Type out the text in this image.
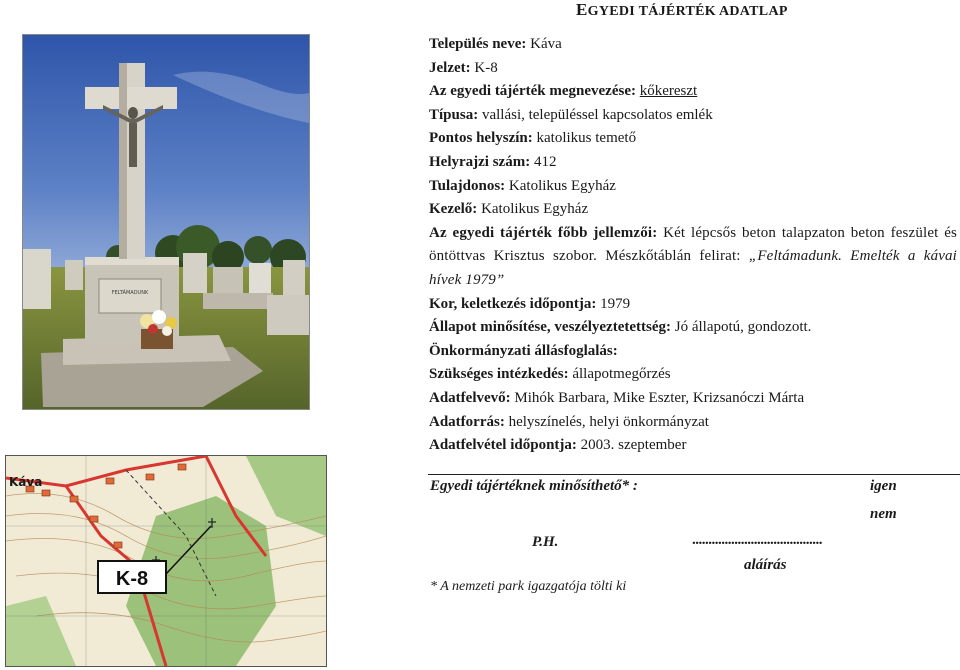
EGYEDI TÁJÉRTÉK ADATLAP
FELTÁMADUNK
Káva
K-8
Település neve: Káva
Jelzet: K-8
Az egyedi tájérték megnevezése: kőkereszt
Típusa: vallási, településsel kapcsolatos emlék
Pontos helyszín: katolikus temető
Helyrajzi szám: 412
Tulajdonos: Katolikus Egyház
Kezelő: Katolikus Egyház
Az egyedi tájérték főbb jellemzői: Két lépcsős beton talapzaton beton feszület és öntöttvas Krisztus szobor. Mészkőtáblán felirat: „Feltámadunk. Emelték a kávai hívek 1979”
Kor, keletkezés időpontja: 1979
Állapot minősítése, veszélyeztetettség: Jó állapotú, gondozott.
Önkormányzati állásfoglalás:
Szükséges intézkedés: állapotmegőrzés
Adatfelvevő: Mihók Barbara, Mike Eszter, Krizsanóczi Márta
Adatforrás: helyszínelés, helyi önkormányzat
Adatfelvétel időpontja: 2003. szeptember
Egyedi tájértéknek minősíthető* :	igen
nem
P.H.	........................................
aláírás
* A nemzeti park igazgatója tölti ki
